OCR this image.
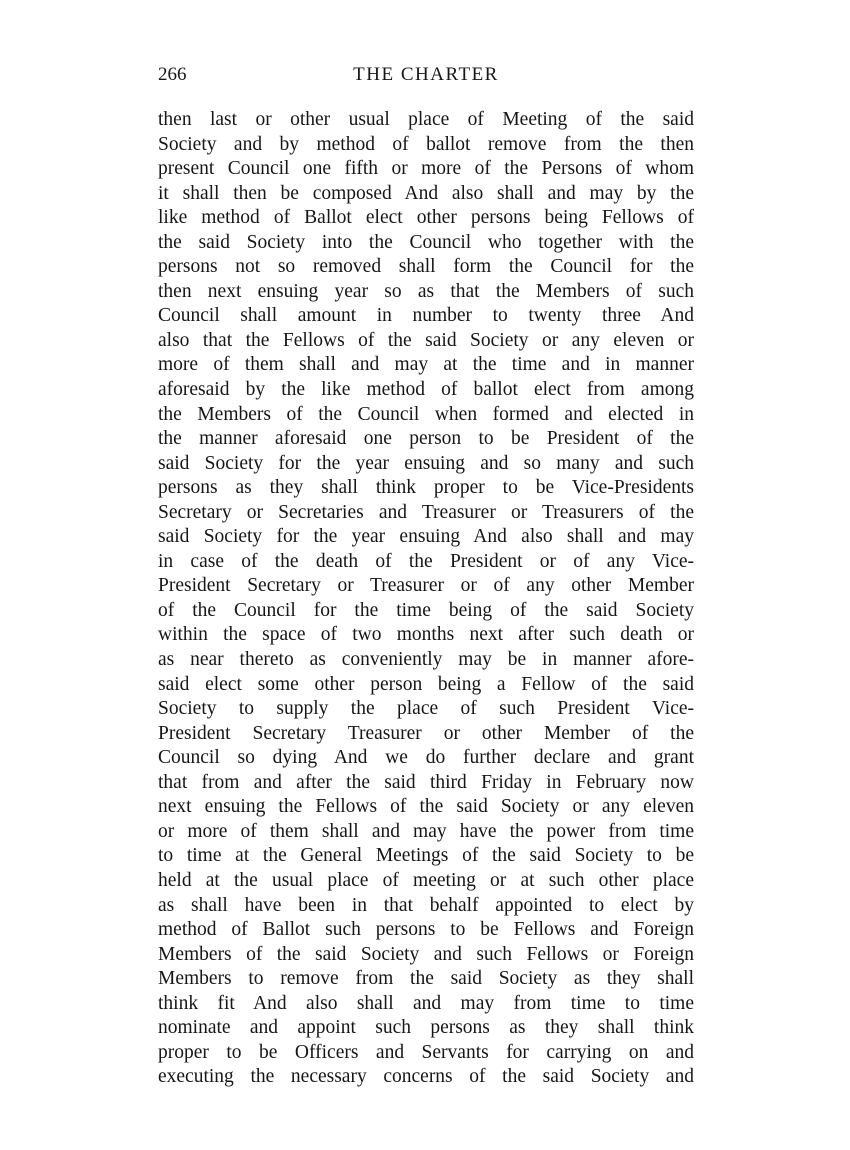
266	THE CHARTER
then last or other usual place of Meeting of the said
Society and by method of ballot remove from the then
present Council one fifth or more of the Persons of whom
it shall then be composed And also shall and may by the
like method of Ballot elect other persons being Fellows of
the said Society into the Council who together with the
persons not so removed shall form the Council for the
then next ensuing year so as that the Members of such
Council shall amount in number to twenty three And
also that the Fellows of the said Society or any eleven or
more of them shall and may at the time and in manner
aforesaid by the like method of ballot elect from among
the Members of the Council when formed and elected in
the manner aforesaid one person to be President of the
said Society for the year ensuing and so many and such
persons as they shall think proper to be Vice-Presidents
Secretary or Secretaries and Treasurer or Treasurers of the
said Society for the year ensuing And also shall and may
in case of the death of the President or of any Vice-
President Secretary or Treasurer or of any other Member
of the Council for the time being of the said Society
within the space of two months next after such death or
as near thereto as conveniently may be in manner afore-
said elect some other person being a Fellow of the said
Society to supply the place of such President Vice-
President Secretary Treasurer or other Member of the
Council so dying And we do further declare and grant
that from and after the said third Friday in February now
next ensuing the Fellows of the said Society or any eleven
or more of them shall and may have the power from time
to time at the General Meetings of the said Society to be
held at the usual place of meeting or at such other place
as shall have been in that behalf appointed to elect by
method of Ballot such persons to be Fellows and Foreign
Members of the said Society and such Fellows or Foreign
Members to remove from the said Society as they shall
think fit And also shall and may from time to time
nominate and appoint such persons as they shall think
proper to be Officers and Servants for carrying on and
executing the necessary concerns of the said Society and
